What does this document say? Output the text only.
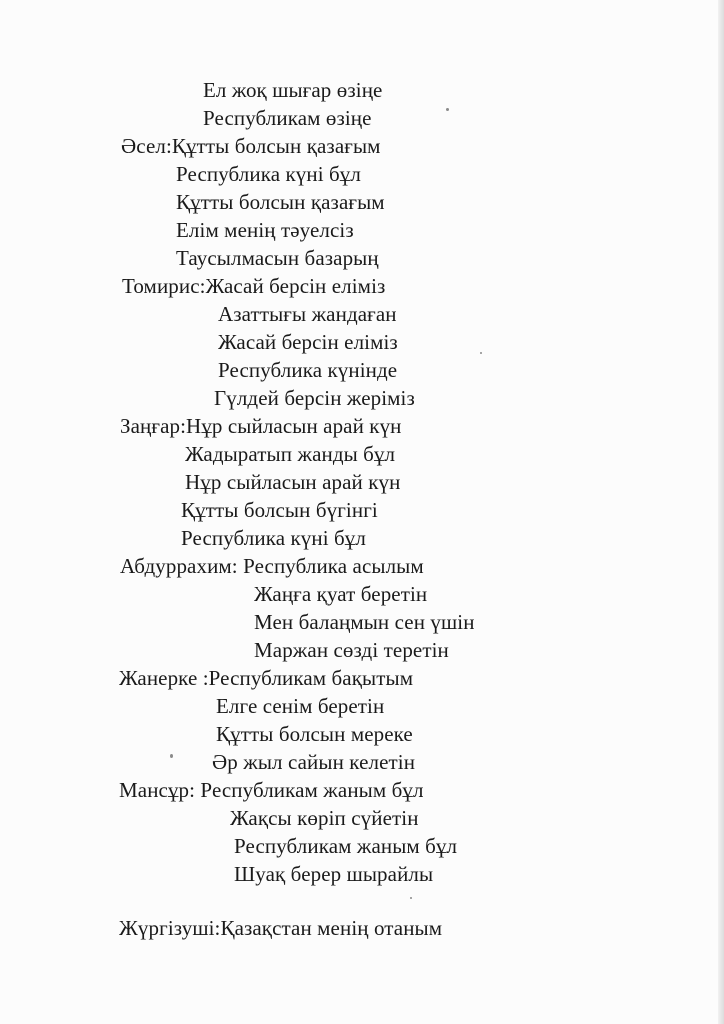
Ел жоқ шығар өзіңе
Республикам өзіңе
Әсел:Құтты болсын қазағым
Республика күні бұл
Құтты болсын қазағым
Елім менің тәуелсіз
Таусылмасын базарың
Томирис:Жасай берсін еліміз
Азаттығы жандаған
Жасай берсін еліміз
Республика күнінде
Гүлдей берсін жеріміз
Заңғар:Нұр сыйласын арай күн
Жадыратып жанды бұл
Нұр сыйласын арай күн
Құтты болсын бүгінгі
Республика күні бұл
Абдуррахим: Республика асылым
Жаңға қуат беретін
Мен балаңмын сен үшін
Маржан сөзді теретін
Жанерке :Республикам бақытым
Елге сенім беретін
Құтты болсын мереке
Әр жыл сайын келетін
Мансұр: Республикам жаным бұл
Жақсы көріп сүйетін
Республикам жаным бұл
Шуақ берер шырайлы
Жүргізуші:Қазақстан менің отаным
